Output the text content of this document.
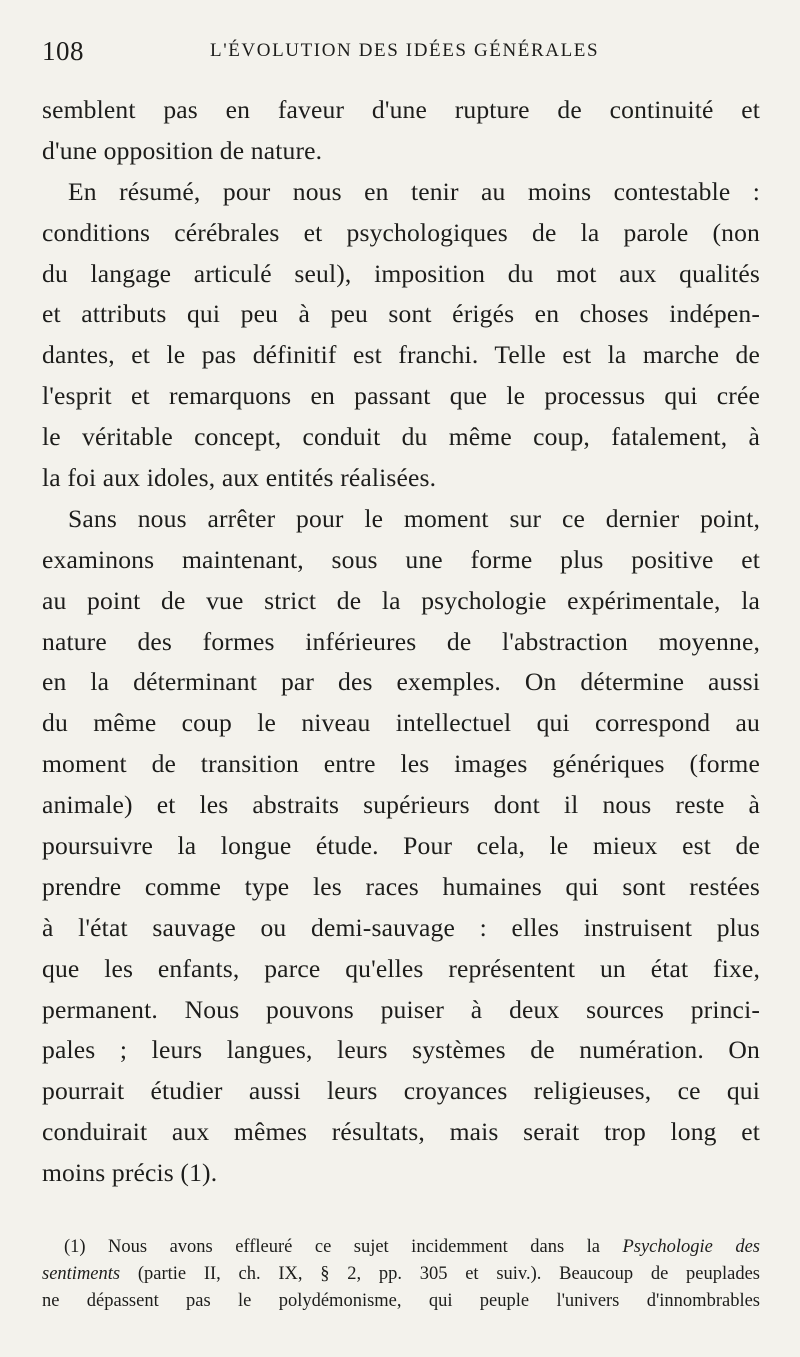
108	L'ÉVOLUTION DES IDÉES GÉNÉRALES
semblent pas en faveur d'une rupture de continuité et
d'une opposition de nature.
En résumé, pour nous en tenir au moins contestable :
conditions cérébrales et psychologiques de la parole (non
du langage articulé seul), imposition du mot aux qualités
et attributs qui peu à peu sont érigés en choses indépen-
dantes, et le pas définitif est franchi. Telle est la marche de
l'esprit et remarquons en passant que le processus qui crée
le véritable concept, conduit du même coup, fatalement, à
la foi aux idoles, aux entités réalisées.
Sans nous arrêter pour le moment sur ce dernier point,
examinons maintenant, sous une forme plus positive et
au point de vue strict de la psychologie expérimentale, la
nature des formes inférieures de l'abstraction moyenne,
en la déterminant par des exemples. On détermine aussi
du même coup le niveau intellectuel qui correspond au
moment de transition entre les images génériques (forme
animale) et les abstraits supérieurs dont il nous reste à
poursuivre la longue étude. Pour cela, le mieux est de
prendre comme type les races humaines qui sont restées
à l'état sauvage ou demi-sauvage : elles instruisent plus
que les enfants, parce qu'elles représentent un état fixe,
permanent. Nous pouvons puiser à deux sources princi-
pales ; leurs langues, leurs systèmes de numération. On
pourrait étudier aussi leurs croyances religieuses, ce qui
conduirait aux mêmes résultats, mais serait trop long et
moins précis (1).
(1) Nous avons effleuré ce sujet incidemment dans la Psychologie des
sentiments (partie II, ch. IX, § 2, pp. 305 et suiv.). Beaucoup de peuplades
ne dépassent pas le polydémonisme, qui peuple l'univers d'innombrables
